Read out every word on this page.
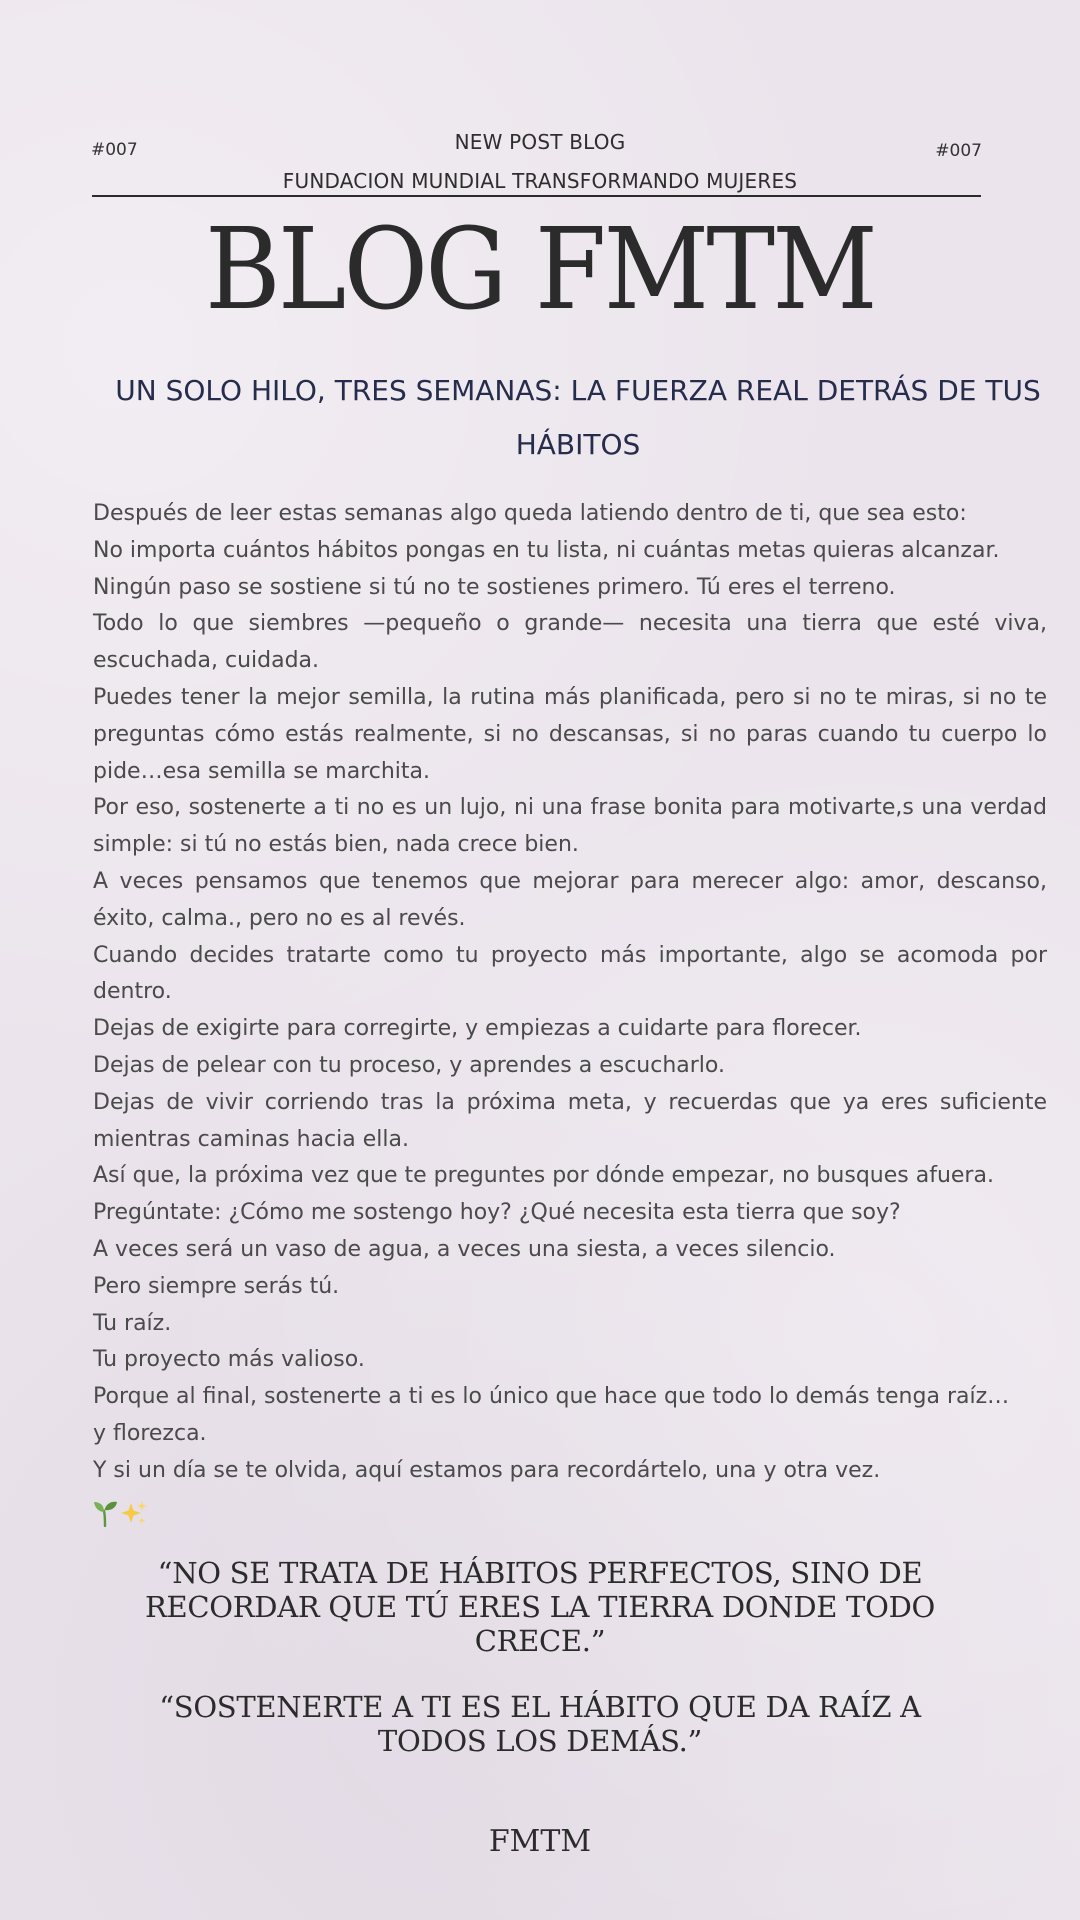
#007	NEW POST BLOG	#007
FUNDACION MUNDIAL TRANSFORMANDO MUJERES
BLOG FMTM
UN SOLO HILO, TRES SEMANAS: LA FUERZA REAL DETRÁS DE TUS HÁBITOS

Después de leer estas semanas algo queda latiendo dentro de ti, que sea esto:

No importa cuántos hábitos pongas en tu lista, ni cuántas metas quieras alcanzar.

Ningún paso se sostiene si tú no te sostienes primero. Tú eres el terreno.

Todo lo que siembres —pequeño o grande— necesita una tierra que esté viva, escuchada, cuidada.

Puedes tener la mejor semilla, la rutina más planificada, pero si no te miras, si no te preguntas cómo estás realmente, si no descansas, si no paras cuando tu cuerpo lo pide…esa semilla se marchita.

Por eso, sostenerte a ti no es un lujo, ni una frase bonita para motivarte,s una verdad simple: si tú no estás bien, nada crece bien.

A veces pensamos que tenemos que mejorar para merecer algo: amor, descanso, éxito, calma., pero no es al revés.

Cuando decides tratarte como tu proyecto más importante, algo se acomoda por dentro.

Dejas de exigirte para corregirte, y empiezas a cuidarte para florecer.

Dejas de pelear con tu proceso, y aprendes a escucharlo.

Dejas de vivir corriendo tras la próxima meta, y recuerdas que ya eres suficiente mientras caminas hacia ella.

Así que, la próxima vez que te preguntes por dónde empezar, no busques afuera.

Pregúntate: ¿Cómo me sostengo hoy? ¿Qué necesita esta tierra que soy?

A veces será un vaso de agua, a veces una siesta, a veces silencio.

Pero siempre serás tú.

Tu raíz.

Tu proyecto más valioso.

Porque al final, sostenerte a ti es lo único que hace que todo lo demás tenga raíz…

y florezca.

Y si un día se te olvida, aquí estamos para recordártelo, una y otra vez.

“NO SE TRATA DE HÁBITOS PERFECTOS, SINO DE RECORDAR QUE TÚ ERES LA TIERRA DONDE TODO CRECE.”
“SOSTENERTE A TI ES EL HÁBITO QUE DA RAÍZ A TODOS LOS DEMÁS.”
FMTM
